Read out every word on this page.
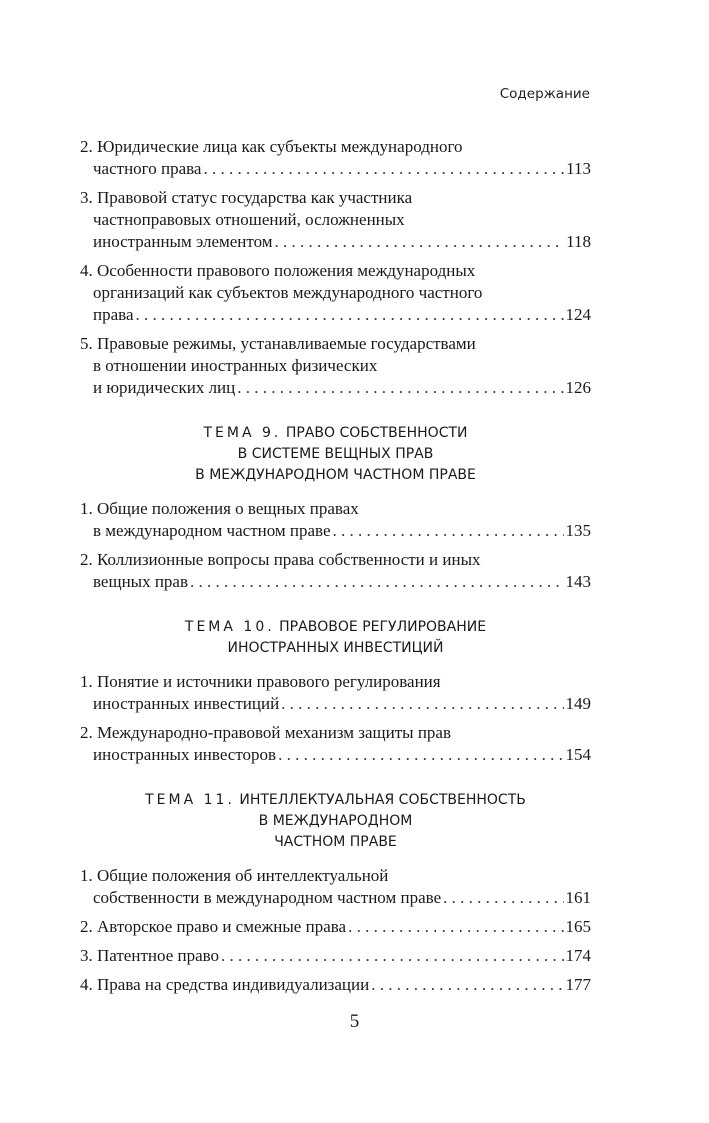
Содержание
2. Юридические лица как субъекты международного
частного права . . .	113
3. Правовой статус государства как участника
частноправовых отношений, осложненных
иностранным элементом . . .	118
4. Особенности правового положения международных
организаций как субъектов международного частного
права . . .	124
5. Правовые режимы, устанавливаемые государствами
в отношении иностранных физических
и юридических лиц . . .	126
ТЕМА 9. ПРАВО СОБСТВЕННОСТИ
В СИСТЕМЕ ВЕЩНЫХ ПРАВ
В МЕЖДУНАРОДНОМ ЧАСТНОМ ПРАВЕ
1. Общие положения о вещных правах
в международном частном праве . . .	135
2. Коллизионные вопросы права собственности и иных
вещных прав . . .	143
ТЕМА 10. ПРАВОВОЕ РЕГУЛИРОВАНИЕ
ИНОСТРАННЫХ ИНВЕСТИЦИЙ
1. Понятие и источники правового регулирования
иностранных инвестиций . . .	149
2. Международно-правовой механизм защиты прав
иностранных инвесторов . . .	154
ТЕМА 11. ИНТЕЛЛЕКТУАЛЬНАЯ СОБСТВЕННОСТЬ
В МЕЖДУНАРОДНОМ
ЧАСТНОМ ПРАВЕ
1. Общие положения об интеллектуальной
собственности в международном частном праве . . .	161
2. Авторское право и смежные права . . .	165
3. Патентное право . . .	174
4. Права на средства индивидуализации . . .	177
5
